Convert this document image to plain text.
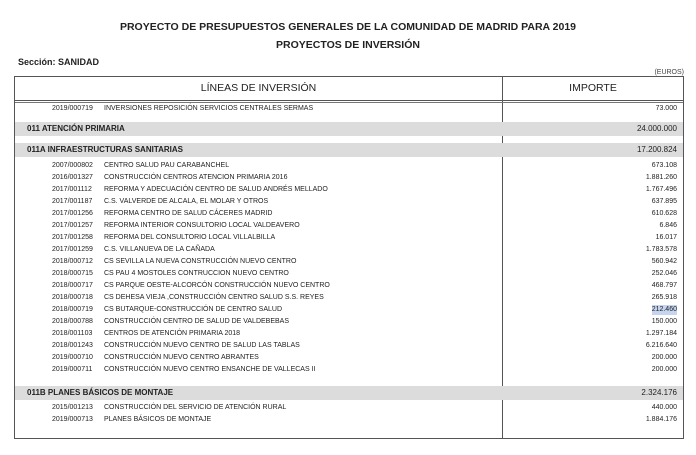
PROYECTO DE PRESUPUESTOS GENERALES DE LA COMUNIDAD DE MADRID PARA 2019
PROYECTOS DE INVERSIÓN
Sección: SANIDAD
(EUROS)
LÍNEAS DE INVERSIÓN	IMPORTE
2019/000719 INVERSIONES REPOSICIÓN SERVICIOS CENTRALES SERMAS	73.000
011 ATENCIÓN PRIMARIA	24.000.000
011A INFRAESTRUCTURAS SANITARIAS	17.200.824
2007/000802 CENTRO SALUD PAU CARABANCHEL	673.108
2016/001327 CONSTRUCCIÓN CENTROS ATENCION PRIMARIA 2016	1.881.260
2017/001112 REFORMA Y ADECUACIÓN CENTRO DE SALUD ANDRÉS MELLADO	1.767.496
2017/001187 C.S. VALVERDE DE ALCALA, EL MOLAR Y OTROS	637.895
2017/001256 REFORMA CENTRO DE SALUD CÁCERES MADRID	610.628
2017/001257 REFORMA INTERIOR CONSULTORIO LOCAL VALDEAVERO	6.846
2017/001258 REFORMA DEL CONSULTORIO LOCAL VILLALBILLA	16.017
2017/001259 C.S. VILLANUEVA DE LA CAÑADA	1.783.578
2018/000712 CS SEVILLA LA NUEVA CONSTRUCCIÓN NUEVO CENTRO	560.942
2018/000715 CS PAU 4 MOSTOLES CONTRUCCION NUEVO CENTRO	252.046
2018/000717 CS PARQUE OESTE-ALCORCÓN CONSTRUCCIÓN NUEVO CENTRO	468.797
2018/000718 CS DEHESA VIEJA ,CONSTRUCCIÓN CENTRO SALUD S.S. REYES	265.918
2018/000719 CS BUTARQUE-CONSTRUCCIÓN DE CENTRO SALUD	212.460
2018/000788 CONSTRUCCIÓN CENTRO DE SALUD DE VALDEBEBAS	150.000
2018/001103 CENTROS DE ATENCIÓN PRIMARIA 2018	1.297.184
2018/001243 CONSTRUCCIÓN NUEVO CENTRO DE SALUD LAS TABLAS	6.216.640
2019/000710 CONSTRUCCIÓN NUEVO CENTRO ABRANTES	200.000
2019/000711 CONSTRUCCIÓN NUEVO CENTRO ENSANCHE DE VALLECAS II	200.000
011B PLANES BÁSICOS DE MONTAJE	2.324.176
2015/001213 CONSTRUCCIÓN DEL SERVICIO DE ATENCIÓN RURAL	440.000
2019/000713 PLANES BÁSICOS DE MONTAJE	1.884.176
